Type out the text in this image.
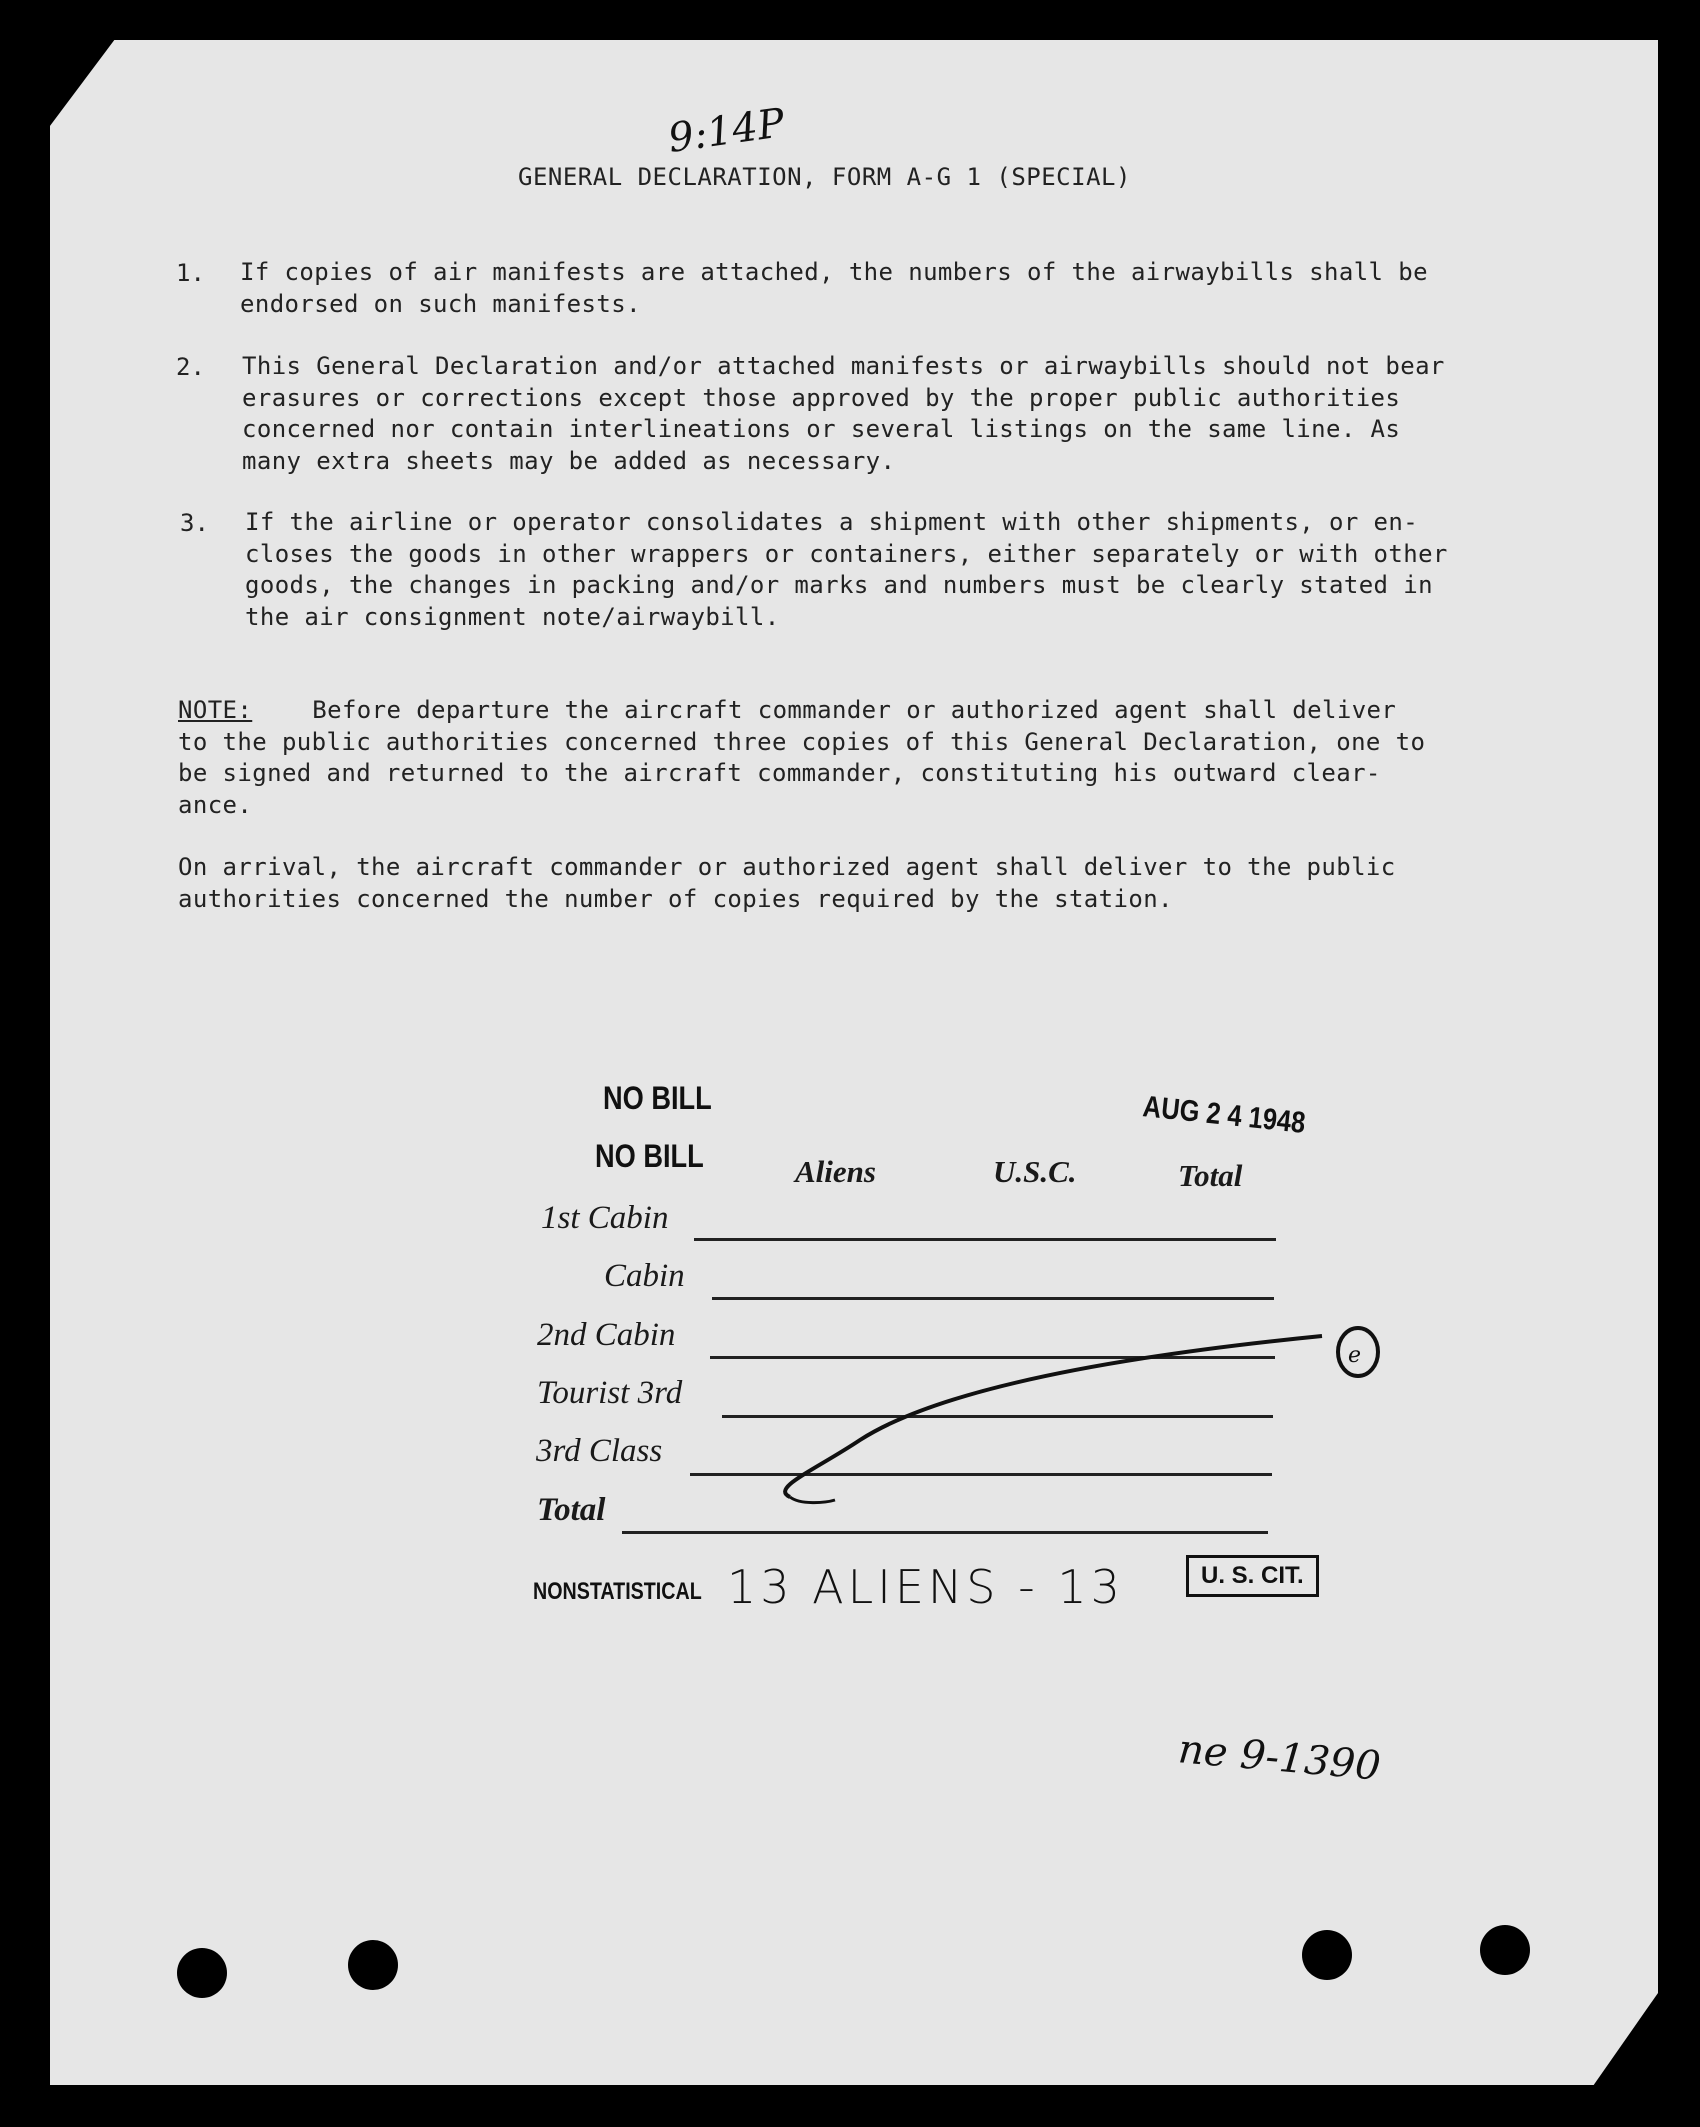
GENERAL DECLARATION, FORM A-G 1 (SPECIAL)
9:14P
1. If copies of air manifests are attached, the numbers of the airwaybills shall be
endorsed on such manifests.
2. This General Declaration and/or attached manifests or airwaybills should not bear
erasures or corrections except those approved by the proper public authorities
concerned nor contain interlineations or several listings on the same line. As
many extra sheets may be added as necessary.
3. If the airline or operator consolidates a shipment with other shipments, or en-
closes the goods in other wrappers or containers, either separately or with other
goods, the changes in packing and/or marks and numbers must be clearly stated in
the air consignment note/airwaybill.
NOTE:	Before departure the aircraft commander or authorized agent shall deliver
to the public authorities concerned three copies of this General Declaration, one to
be signed and returned to the aircraft commander, constituting his outward clear-
ance.
On arrival, the aircraft commander or authorized agent shall deliver to the public
authorities concerned the number of copies required by the station.
NO BILL
NO BILL
AUG 2 4 1948
Aliens	U.S.C.	Total
1st Cabin
Cabin
2nd Cabin
Tourist 3rd
3rd Class
Total
NONSTATISTICAL 13 ALIENS - 13	U. S. CIT.
ne 9-1390
e
